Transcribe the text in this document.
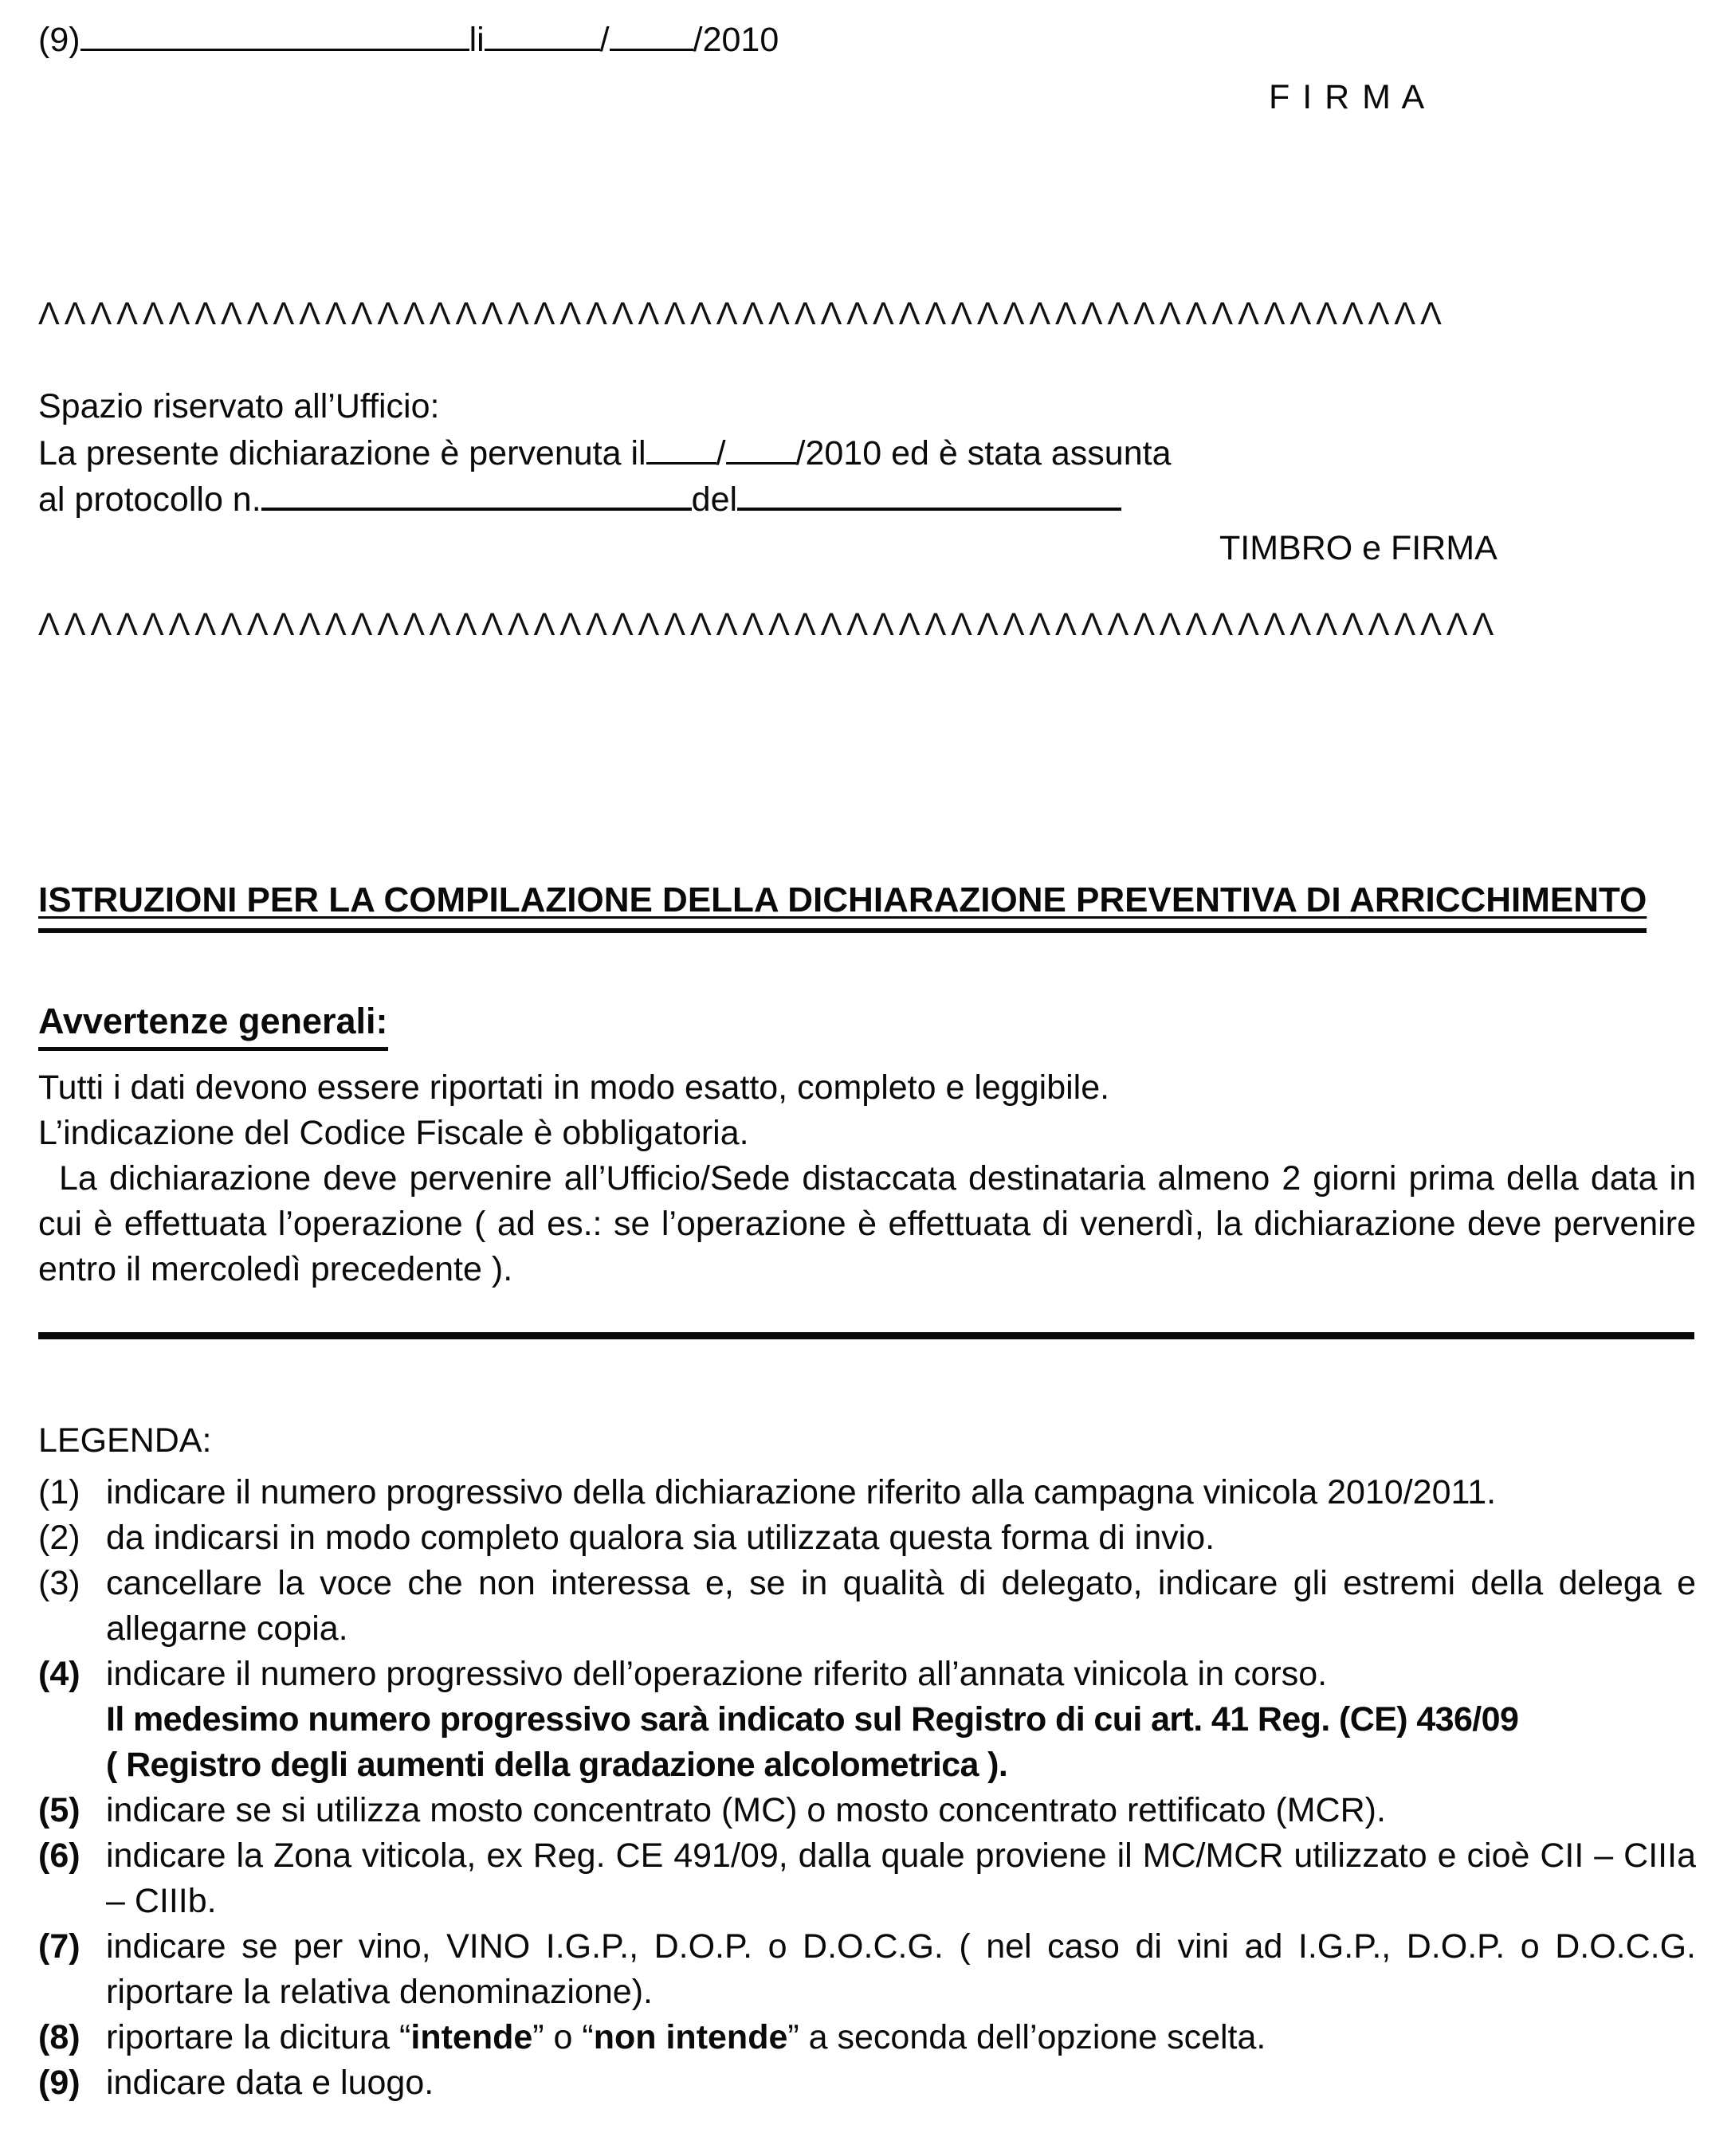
(9)	li	/ /2010
F I R M A
ΛΛΛΛΛΛΛΛΛΛΛΛΛΛΛΛΛΛΛΛΛΛΛΛΛΛΛΛΛΛΛΛΛΛΛΛΛΛΛΛΛΛΛΛΛΛΛΛΛΛΛΛΛΛ
Spazio riservato all’Ufficio:
La presente dichiarazione è pervenuta il / /2010 ed è stata assunta
al protocollo n.	del
TIMBRO e FIRMA
ΛΛΛΛΛΛΛΛΛΛΛΛΛΛΛΛΛΛΛΛΛΛΛΛΛΛΛΛΛΛΛΛΛΛΛΛΛΛΛΛΛΛΛΛΛΛΛΛΛΛΛΛΛΛΛΛ
ISTRUZIONI PER LA COMPILAZIONE DELLA DICHIARAZIONE PREVENTIVA DI ARRICCHIMENTO
Avvertenze generali:
Tutti i dati devono essere riportati in modo esatto, completo e leggibile.
L’indicazione del Codice Fiscale è obbligatoria.
La dichiarazione deve pervenire all’Ufficio/Sede distaccata destinataria almeno 2 giorni prima della data in cui è effettuata l’operazione ( ad es.: se l’operazione è effettuata di venerdì, la dichiarazione deve pervenire entro il mercoledì precedente ).
LEGENDA:
(1) indicare il numero progressivo della dichiarazione riferito alla campagna vinicola 2010/2011.
(2) da indicarsi in modo completo qualora sia utilizzata questa forma di invio.
(3) cancellare la voce che non interessa e, se in qualità di delegato, indicare gli estremi della delega e allegarne copia.
(4) indicare il numero progressivo dell’operazione riferito all’annata vinicola in corso.
Il medesimo numero progressivo sarà indicato sul Registro di cui art. 41 Reg. (CE) 436/09
( Registro degli aumenti della gradazione alcolometrica ).
(5) indicare se si utilizza mosto concentrato (MC) o mosto concentrato rettificato (MCR).
(6) indicare la Zona viticola, ex Reg. CE 491/09, dalla quale proviene il MC/MCR utilizzato e cioè CII – CIIIa – CIIIb.
(7) indicare se per vino, VINO I.G.P., D.O.P. o D.O.C.G. ( nel caso di vini ad I.G.P., D.O.P. o D.O.C.G. riportare la relativa denominazione).
(8) riportare la dicitura “intende” o “non intende” a seconda dell’opzione scelta.
(9) indicare data e luogo.
